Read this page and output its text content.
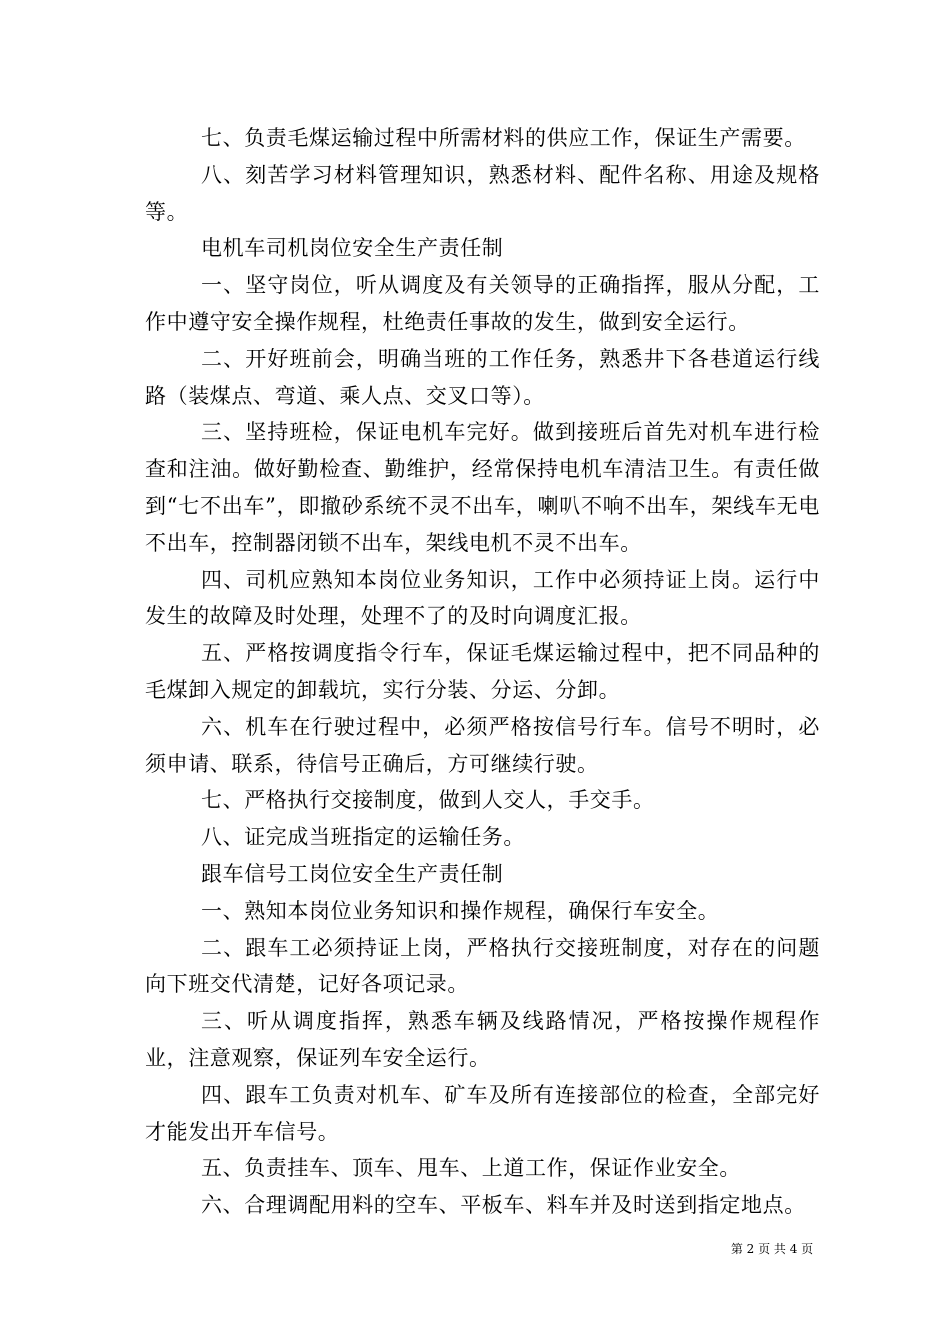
七、负责毛煤运输过程中所需材料的供应工作，保证生产需要。

八、刻苦学习材料管理知识，熟悉材料、配件名称、用途及规格等。

电机车司机岗位安全生产责任制

一、坚守岗位，听从调度及有关领导的正确指挥，服从分配，工作中遵守安全操作规程，杜绝责任事故的发生，做到安全运行。

二、开好班前会，明确当班的工作任务，熟悉井下各巷道运行线路（装煤点、弯道、乘人点、交叉口等）。

三、坚持班检，保证电机车完好。做到接班后首先对机车进行检查和注油。做好勤检查、勤维护，经常保持电机车清洁卫生。有责任做到“七不出车”，即撤砂系统不灵不出车，喇叭不响不出车，架线车无电不出车，控制器闭锁不出车，架线电机不灵不出车。

四、司机应熟知本岗位业务知识，工作中必须持证上岗。运行中发生的故障及时处理，处理不了的及时向调度汇报。

五、严格按调度指令行车，保证毛煤运输过程中，把不同品种的毛煤卸入规定的卸载坑，实行分装、分运、分卸。

六、机车在行驶过程中，必须严格按信号行车。信号不明时，必须申请、联系，待信号正确后，方可继续行驶。

七、严格执行交接制度，做到人交人，手交手。

八、证完成当班指定的运输任务。

跟车信号工岗位安全生产责任制

一、熟知本岗位业务知识和操作规程，确保行车安全。

二、跟车工必须持证上岗，严格执行交接班制度，对存在的问题向下班交代清楚，记好各项记录。

三、听从调度指挥，熟悉车辆及线路情况，严格按操作规程作业，注意观察，保证列车安全运行。

四、跟车工负责对机车、矿车及所有连接部位的检查，全部完好才能发出开车信号。

五、负责挂车、顶车、甩车、上道工作，保证作业安全。

六、合理调配用料的空车、平板车、料车并及时送到指定地点。

第 2 页 共 4 页
